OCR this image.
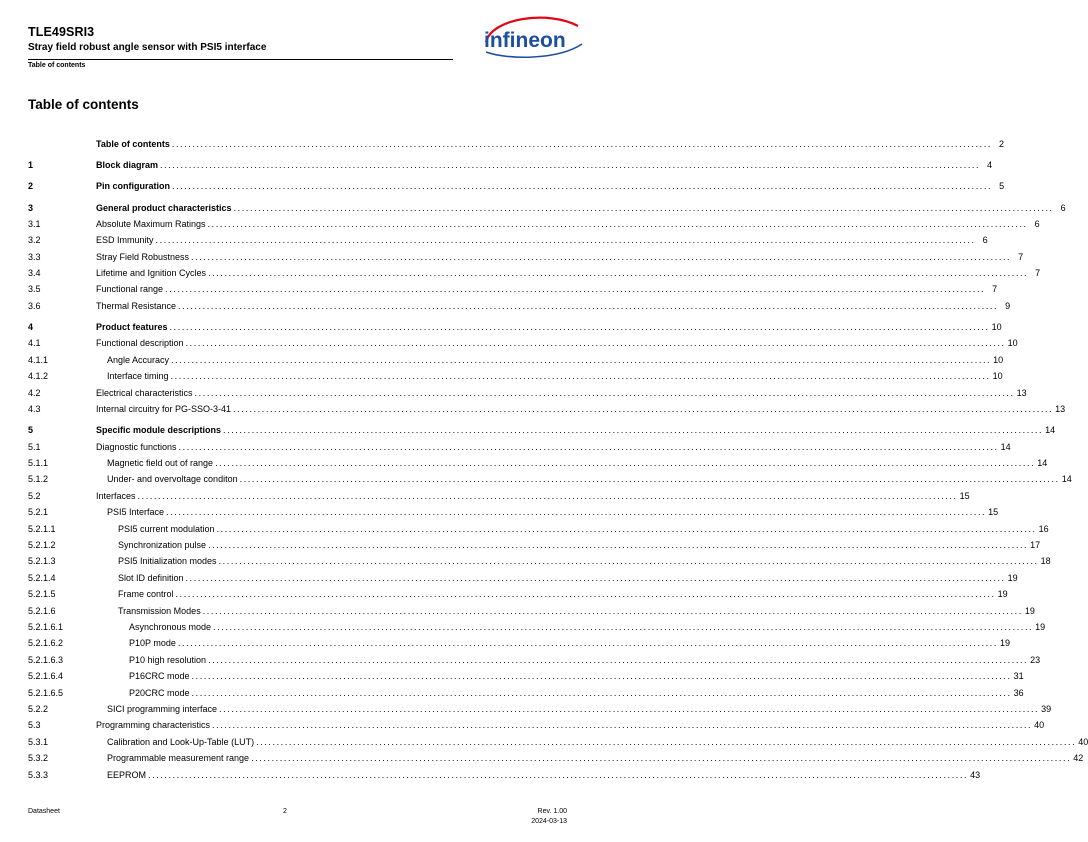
TLE49SRI3
Stray field robust angle sensor with PSI5 interface
Table of contents
infineon
Table of contents
Table of contents ........................................................................................................................................................................................................ 2
1	Block diagram ........................................................................................................................................................................................................ 4
2	Pin configuration ........................................................................................................................................................................................................ 5
3	General product characteristics ........................................................................................................................................................................................................ 6
3.1	Absolute Maximum Ratings ........................................................................................................................................................................................................ 6
3.2	ESD Immunity ........................................................................................................................................................................................................ 6
3.3	Stray Field Robustness ........................................................................................................................................................................................................ 7
3.4	Lifetime and Ignition Cycles ........................................................................................................................................................................................................ 7
3.5	Functional range ........................................................................................................................................................................................................ 7
3.6	Thermal Resistance ........................................................................................................................................................................................................ 9
4	Product features ........................................................................................................................................................................................................ 10
4.1	Functional description ........................................................................................................................................................................................................ 10
4.1.1	Angle Accuracy ........................................................................................................................................................................................................ 10
4.1.2	Interface timing ........................................................................................................................................................................................................ 10
4.2	Electrical characteristics ........................................................................................................................................................................................................ 13
4.3	Internal circuitry for PG-SSO-3-41 ........................................................................................................................................................................................................ 13
5	Specific module descriptions ........................................................................................................................................................................................................ 14
5.1	Diagnostic functions ........................................................................................................................................................................................................ 14
5.1.1	Magnetic field out of range ........................................................................................................................................................................................................ 14
5.1.2	Under- and overvoltage conditon ........................................................................................................................................................................................................ 14
5.2	Interfaces ........................................................................................................................................................................................................ 15
5.2.1	PSI5 Interface ........................................................................................................................................................................................................ 15
5.2.1.1	PSI5 current modulation ........................................................................................................................................................................................................ 16
5.2.1.2	Synchronization pulse ........................................................................................................................................................................................................ 17
5.2.1.3	PSI5 Initialization modes ........................................................................................................................................................................................................ 18
5.2.1.4	Slot ID definition ........................................................................................................................................................................................................ 19
5.2.1.5	Frame control ........................................................................................................................................................................................................ 19
5.2.1.6	Transmission Modes ........................................................................................................................................................................................................ 19
5.2.1.6.1	Asynchronous mode ........................................................................................................................................................................................................ 19
5.2.1.6.2	P10P mode ........................................................................................................................................................................................................ 19
5.2.1.6.3	P10 high resolution ........................................................................................................................................................................................................ 23
5.2.1.6.4	P16CRC mode ........................................................................................................................................................................................................ 31
5.2.1.6.5	P20CRC mode ........................................................................................................................................................................................................ 36
5.2.2	SICI programming interface ........................................................................................................................................................................................................ 39
5.3	Programming characteristics ........................................................................................................................................................................................................ 40
5.3.1	Calibration and Look-Up-Table (LUT) ........................................................................................................................................................................................................ 40
5.3.2	Programmable measurement range ........................................................................................................................................................................................................ 42
5.3.3	EEPROM ........................................................................................................................................................................................................ 43
Datasheet	2	Rev. 1.00
2024-03-13
